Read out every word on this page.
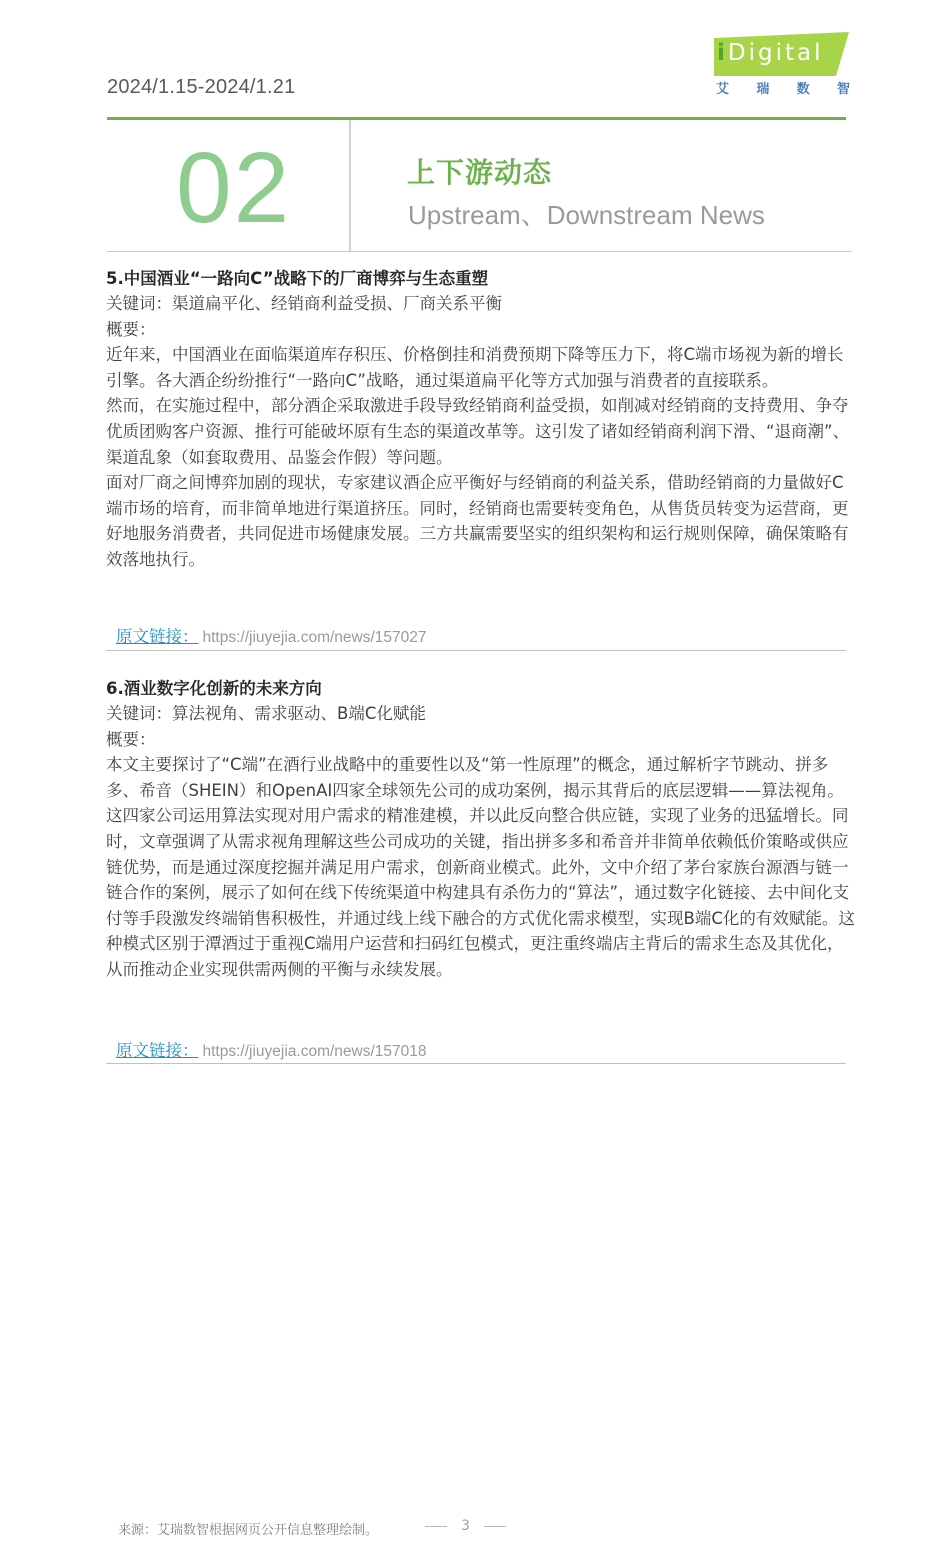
2024/1.15-2024/1.21
iDigital
艾 瑞 数 智
02	上下游动态
Upstream、Downstream News

5.中国酒业“一路向C”战略下的厂商博弈与生态重塑

关键词：渠道扁平化、经销商利益受损、厂商关系平衡

概要：

近年来，中国酒业在面临渠道库存积压、价格倒挂和消费预期下降等压力下，将C端市场视为新的增长引擎。各大酒企纷纷推行“一路向C”战略，通过渠道扁平化等方式加强与消费者的直接联系。

然而，在实施过程中，部分酒企采取激进手段导致经销商利益受损，如削减对经销商的支持费用、争夺优质团购客户资源、推行可能破坏原有生态的渠道改革等。这引发了诸如经销商利润下滑、“退商潮”、渠道乱象（如套取费用、品鉴会作假）等问题。

面对厂商之间博弈加剧的现状，专家建议酒企应平衡好与经销商的利益关系，借助经销商的力量做好C端市场的培育，而非简单地进行渠道挤压。同时，经销商也需要转变角色，从售货员转变为运营商，更好地服务消费者，共同促进市场健康发展。三方共赢需要坚实的组织架构和运行规则保障，确保策略有效落地执行。

原文链接： https://jiuyejia.com/news/157027

6.酒业数字化创新的未来方向

关键词：算法视角、需求驱动、B端C化赋能

概要：

本文主要探讨了“C端”在酒行业战略中的重要性以及“第一性原理”的概念，通过解析字节跳动、拼多多、希音（SHEIN）和OpenAI四家全球领先公司的成功案例，揭示其背后的底层逻辑——算法视角。这四家公司运用算法实现对用户需求的精准建模，并以此反向整合供应链，实现了业务的迅猛增长。同时，文章强调了从需求视角理解这些公司成功的关键，指出拼多多和希音并非简单依赖低价策略或供应链优势，而是通过深度挖掘并满足用户需求，创新商业模式。此外，文中介绍了茅台家族台源酒与链一链合作的案例，展示了如何在线下传统渠道中构建具有杀伤力的“算法”，通过数字化链接、去中间化支付等手段激发终端销售积极性，并通过线上线下融合的方式优化需求模型，实现B端C化的有效赋能。这种模式区别于潭酒过于重视C端用户运营和扫码红包模式，更注重终端店主背后的需求生态及其优化，从而推动企业实现供需两侧的平衡与永续发展。

原文链接： https://jiuyejia.com/news/157018
来源：艾瑞数智根据网页公开信息整理绘制。	3
